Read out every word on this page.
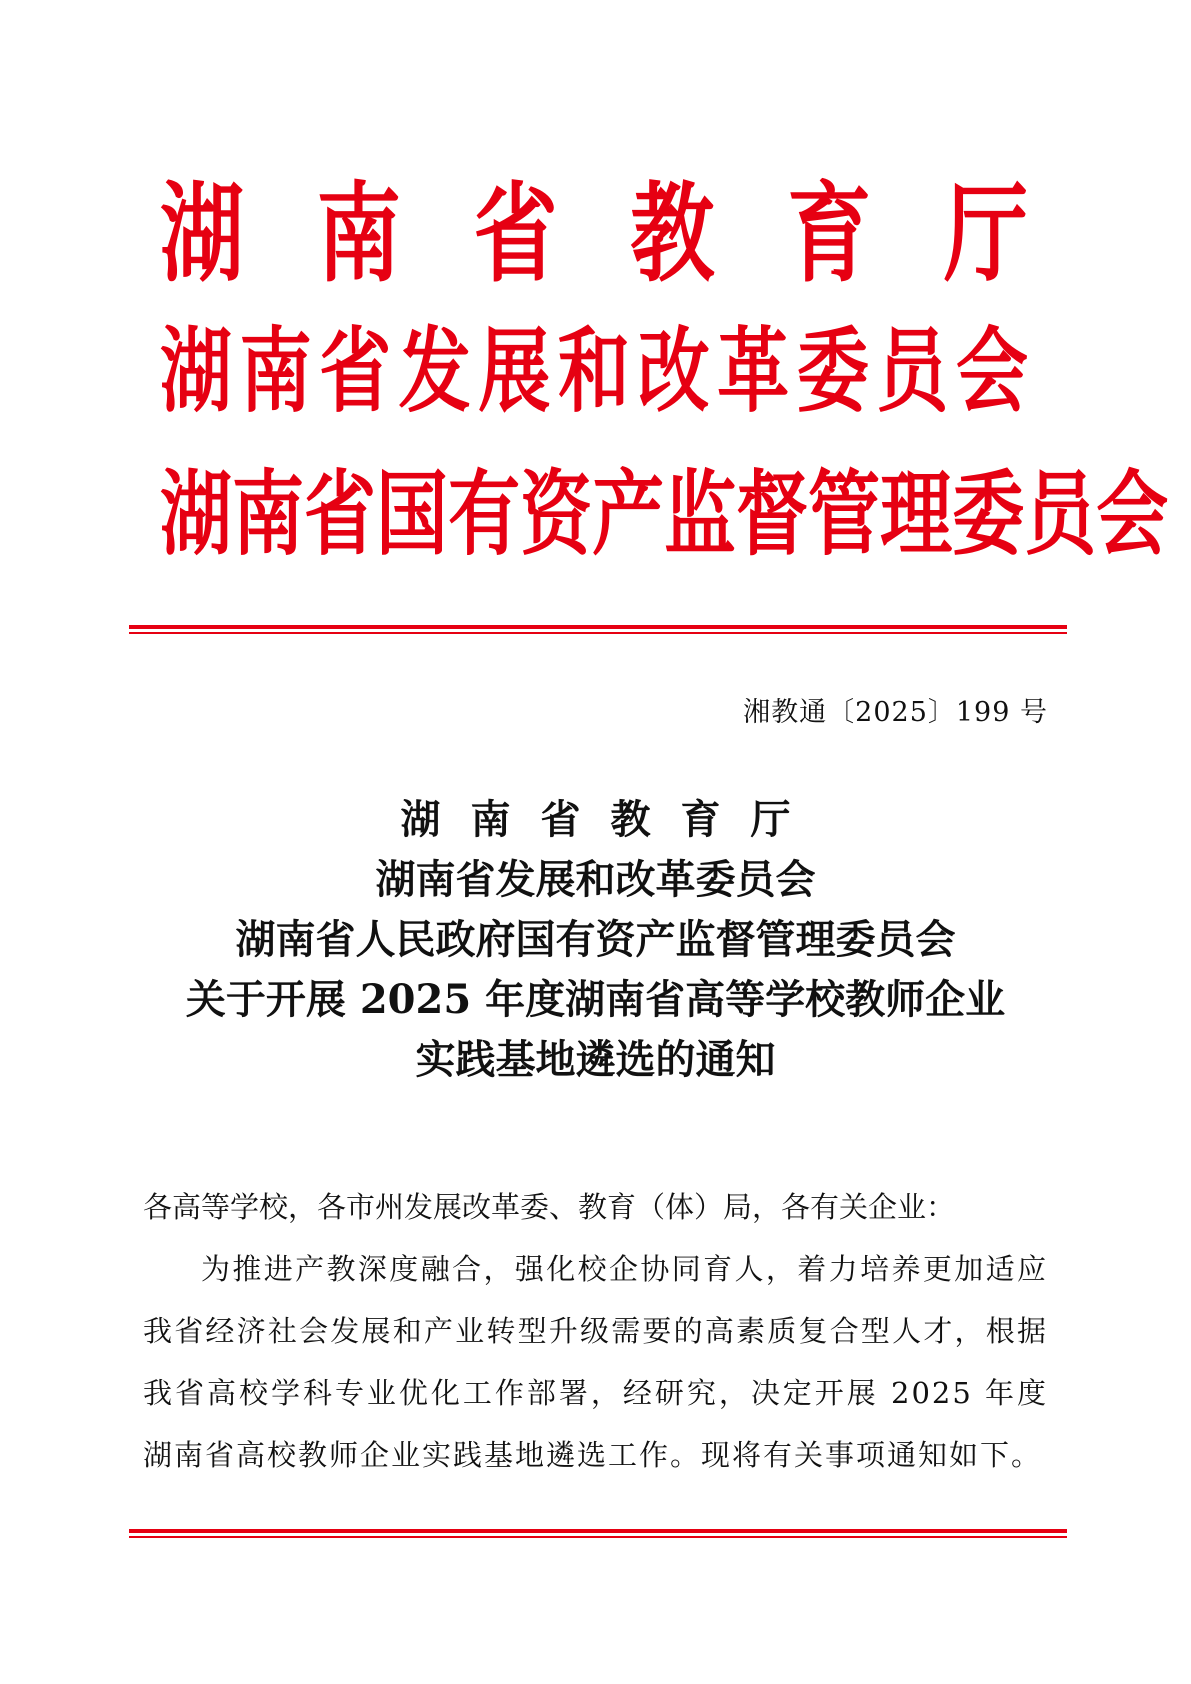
湖 南 省 教 育 厅
湖 南 省 发 展 和 改 革 委 员 会
湖 南 省 国 有 资 产 监 督 管 理 委 员 会
湘教通〔2025〕199 号
湖南省教育厅
湖南省发展和改革委员会
湖南省人民政府国有资产监督管理委员会
关于开展 2025 年度湖南省高等学校教师企业
实践基地遴选的通知
各高等学校，各市州发展改革委、教育（体）局，各有关企业：
为推进产教深度融合，强化校企协同育人，着力培养更加适应我省经济社会发展和产业转型升级需要的高素质复合型人才，根据我省高校学科专业优化工作部署，经研究，决定开展 2025 年度湖南省高校教师企业实践基地遴选工作。现将有关事项通知如下。
